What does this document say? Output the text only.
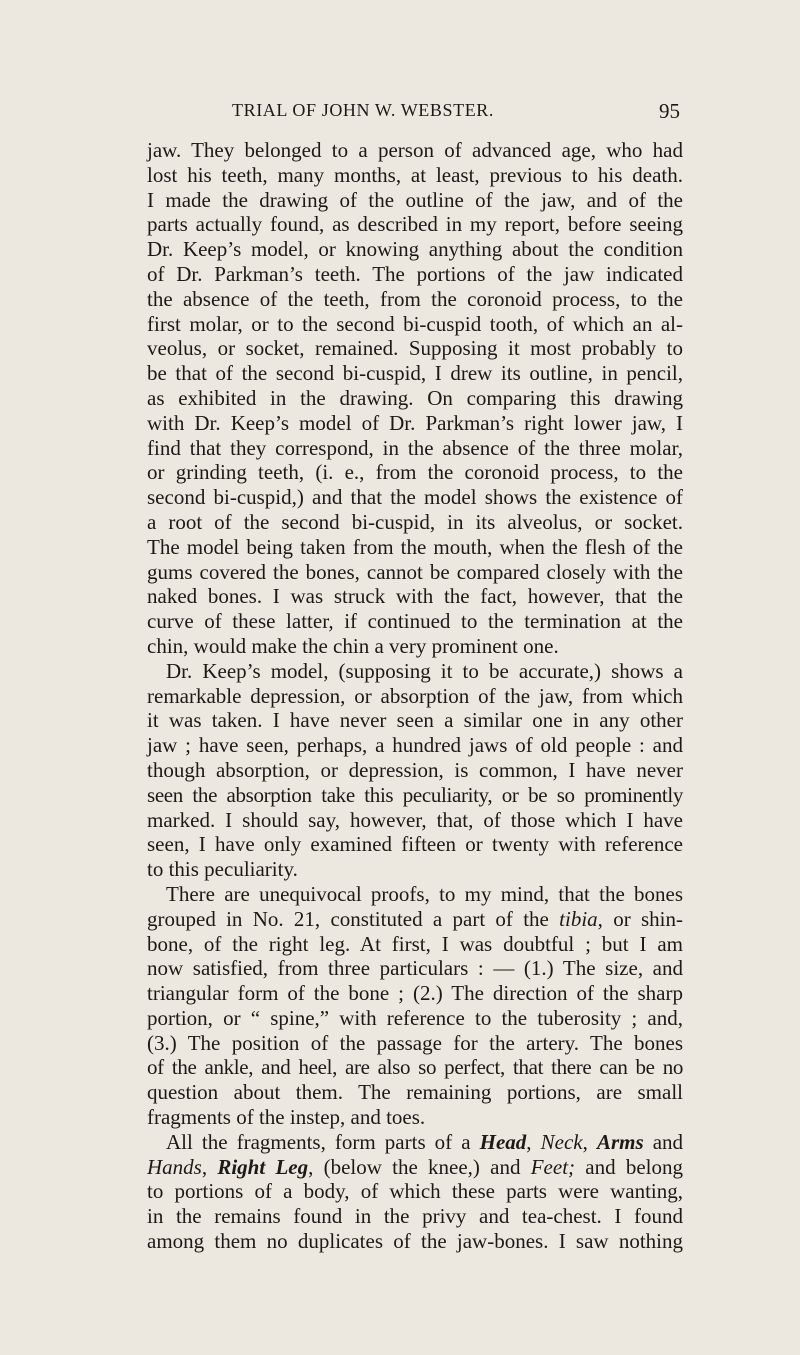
TRIAL OF JOHN W. WEBSTER.	95
jaw. They belonged to a person of advanced age, who had
lost his teeth, many months, at least, previous to his death.
I made the drawing of the outline of the jaw, and of the
parts actually found, as described in my report, before seeing
Dr. Keep’s model, or knowing anything about the condition
of Dr. Parkman’s teeth. The portions of the jaw indicated
the absence of the teeth, from the coronoid process, to the
first molar, or to the second bi-cuspid tooth, of which an al-
veolus, or socket, remained. Supposing it most probably to
be that of the second bi-cuspid, I drew its outline, in pencil,
as exhibited in the drawing. On comparing this drawing
with Dr. Keep’s model of Dr. Parkman’s right lower jaw, I
find that they correspond, in the absence of the three molar,
or grinding teeth, (i. e., from the coronoid process, to the
second bi-cuspid,) and that the model shows the existence of
a root of the second bi-cuspid, in its alveolus, or socket.
The model being taken from the mouth, when the flesh of the
gums covered the bones, cannot be compared closely with the
naked bones. I was struck with the fact, however, that the
curve of these latter, if continued to the termination at the
chin, would make the chin a very prominent one.
Dr. Keep’s model, (supposing it to be accurate,) shows a
remarkable depression, or absorption of the jaw, from which
it was taken. I have never seen a similar one in any other
jaw ; have seen, perhaps, a hundred jaws of old people : and
though absorption, or depression, is common, I have never
seen the absorption take this peculiarity, or be so prominently
marked. I should say, however, that, of those which I have
seen, I have only examined fifteen or twenty with reference
to this peculiarity.
There are unequivocal proofs, to my mind, that the bones
grouped in No. 21, constituted a part of the tibia, or shin-
bone, of the right leg. At first, I was doubtful ; but I am
now satisfied, from three particulars : — (1.) The size, and
triangular form of the bone ; (2.) The direction of the sharp
portion, or “ spine,” with reference to the tuberosity ; and,
(3.) The position of the passage for the artery. The bones
of the ankle, and heel, are also so perfect, that there can be no
question about them. The remaining portions, are small
fragments of the instep, and toes.
All the fragments, form parts of a Head, Neck, Arms and
Hands, Right Leg, (below the knee,) and Feet; and belong
to portions of a body, of which these parts were wanting,
in the remains found in the privy and tea-chest. I found
among them no duplicates of the jaw-bones. I saw nothing
